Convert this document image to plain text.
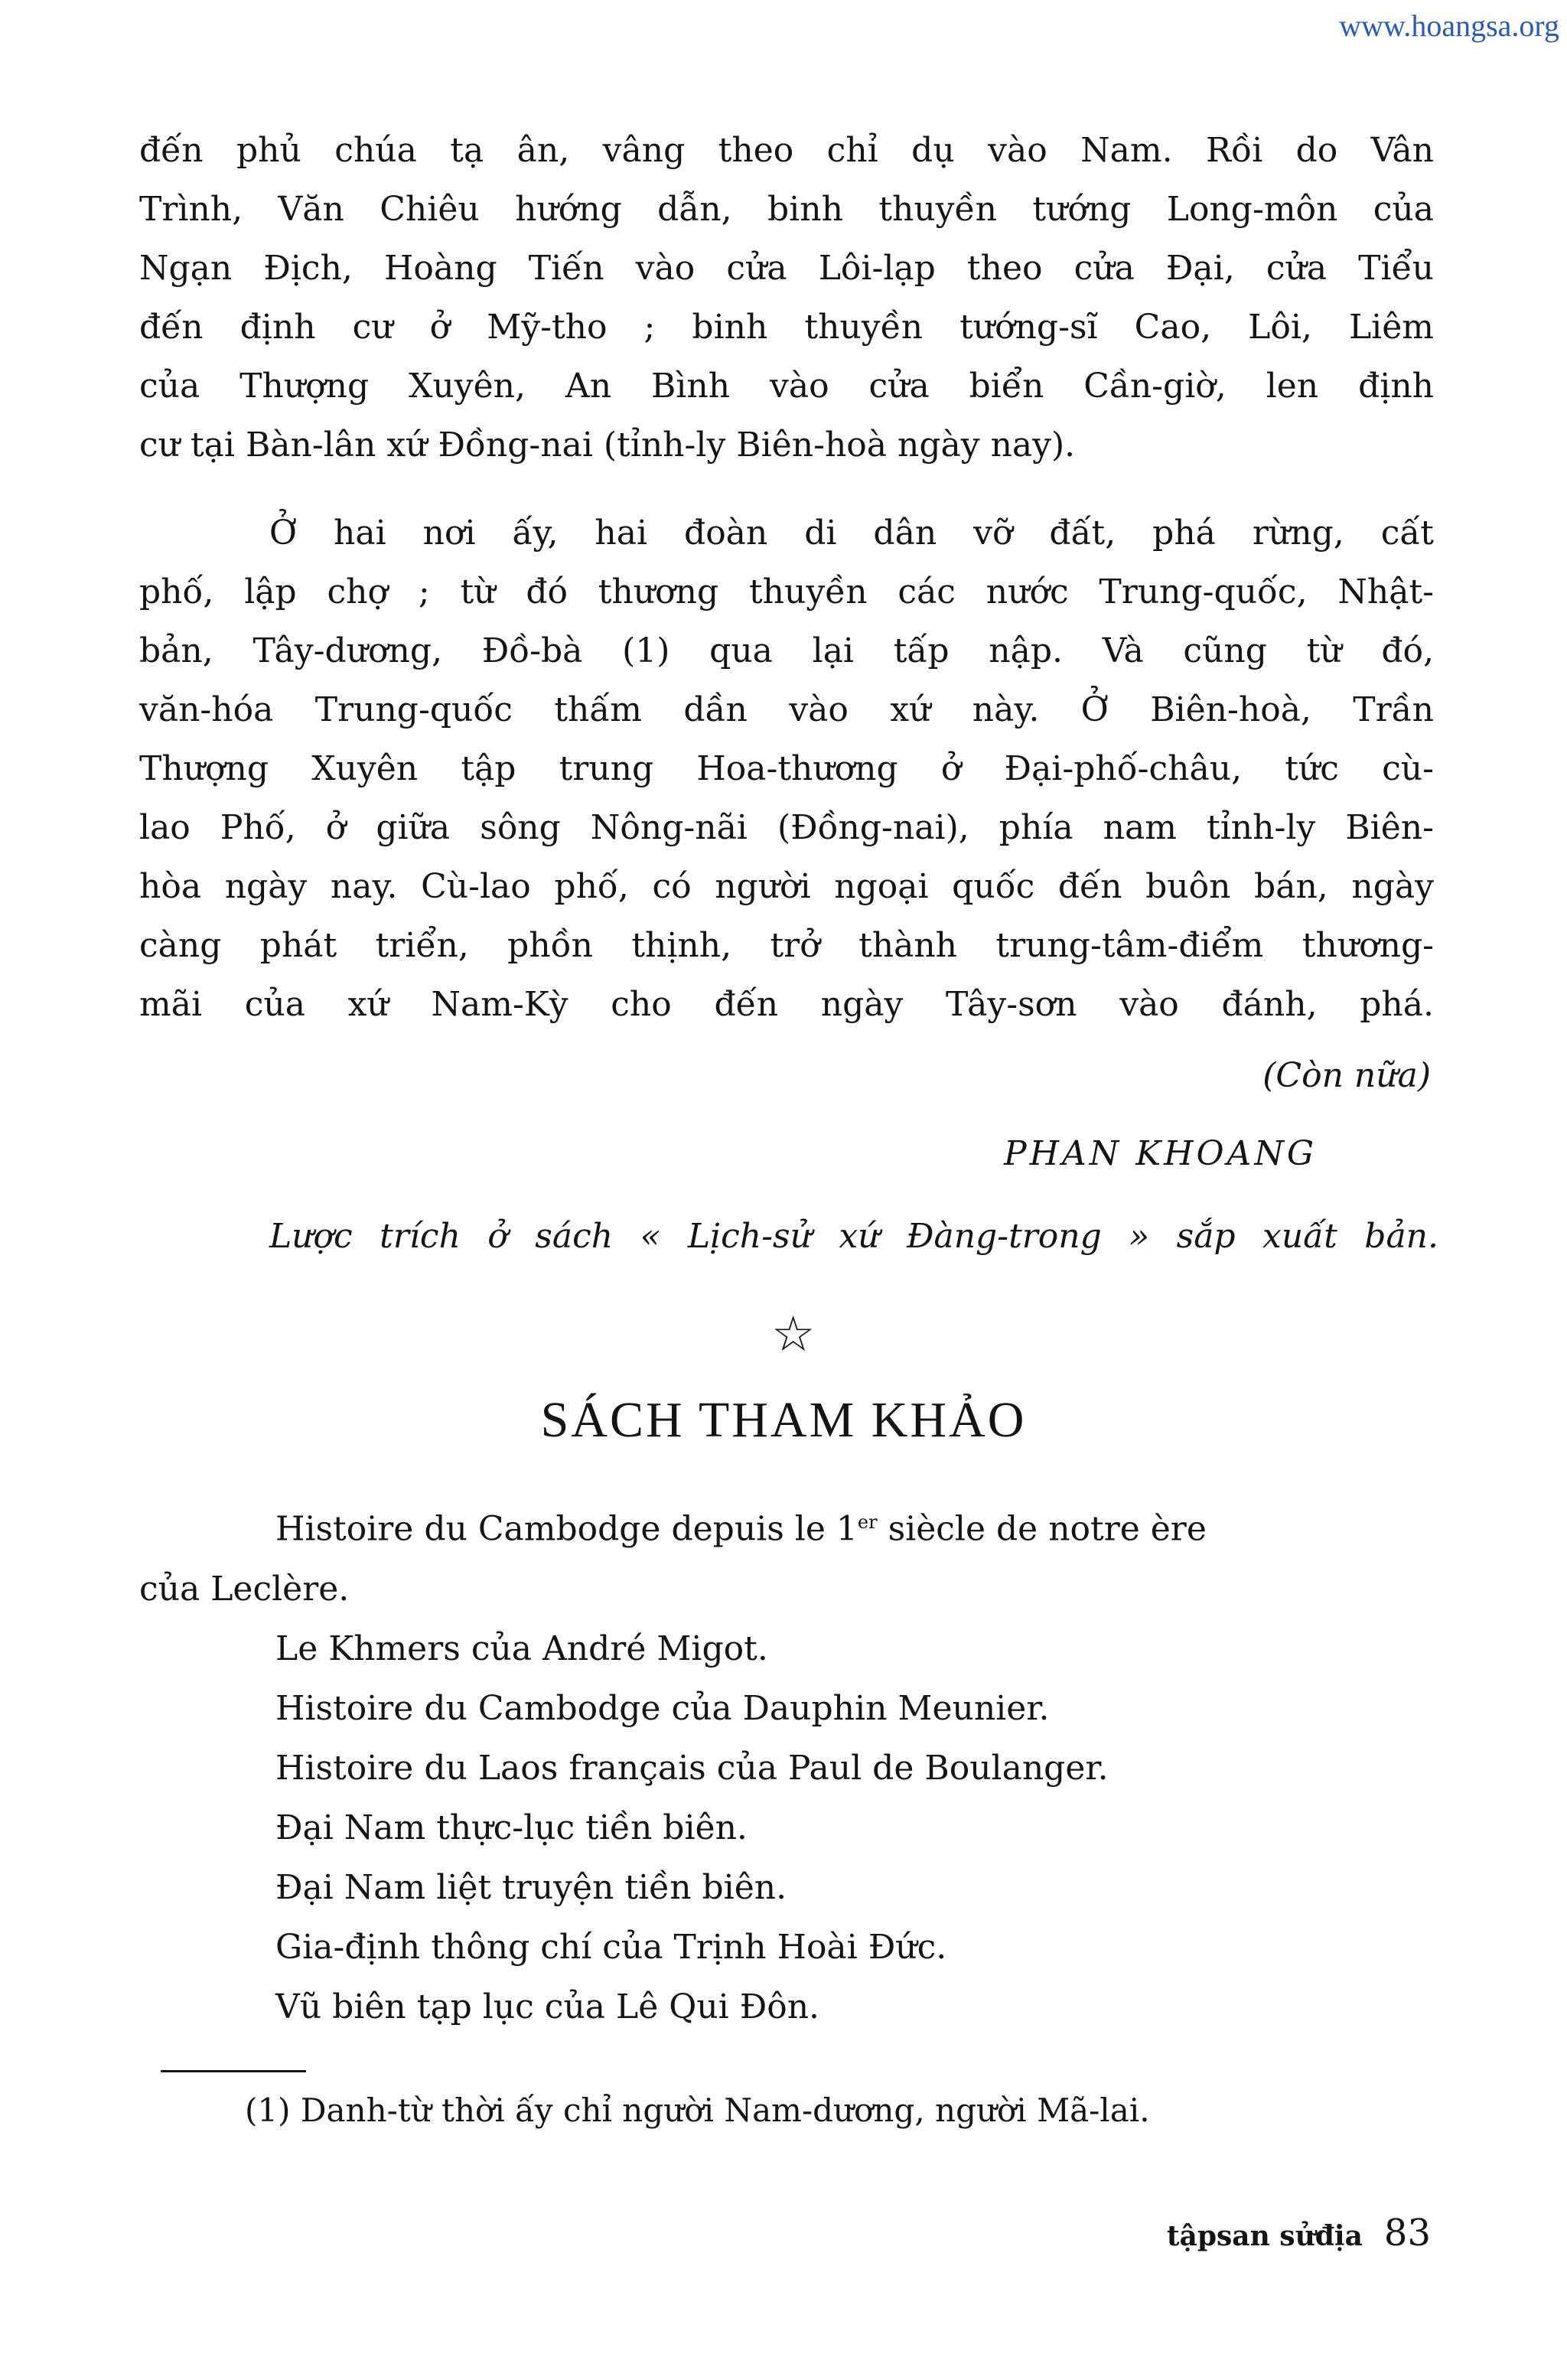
www.hoangsa.org

đến phủ chúa tạ ân, vâng theo chỉ dụ vào Nam. Rồi do Vân

Trình, Văn Chiêu hướng dẫn, binh thuyền tướng Long-môn của

Ngạn Địch, Hoàng Tiến vào cửa Lôi-lạp theo cửa Đại, cửa Tiểu

đến định cư ở Mỹ-tho ; binh thuyền tướng-sĩ Cao, Lôi, Liêm

của Thượng Xuyên, An Bình vào cửa biển Cần-giờ, len định

cư tại Bàn-lân xứ Đồng-nai (tỉnh-ly Biên-hoà ngày nay).

Ở hai nơi ấy, hai đoàn di dân vỡ đất, phá rừng, cất

phố, lập chợ ; từ đó thương thuyền các nước Trung-quốc, Nhật-

bản, Tây-dương, Đồ-bà (1) qua lại tấp nập. Và cũng từ đó,

văn-hóa Trung-quốc thấm dần vào xứ này. Ở Biên-hoà, Trần

Thượng Xuyên tập trung Hoa-thương ở Đại-phố-châu, tức cù-

lao Phố, ở giữa sông Nông-nãi (Đồng-nai), phía nam tỉnh-ly Biên-

hòa ngày nay. Cù-lao phố, có người ngoại quốc đến buôn bán, ngày

càng phát triển, phồn thịnh, trở thành trung-tâm-điểm thương-

mãi của xứ Nam-Kỳ cho đến ngày Tây-sơn vào đánh, phá.

(Còn nữa)
PHAN KHOANG
Lược trích ở sách « Lịch-sử xứ Đàng-trong » sắp xuất bản.
☆
SÁCH THAM KHẢO
Histoire du Cambodge depuis le 1er siècle de notre ère
của Leclère.
Le Khmers của André Migot.
Histoire du Cambodge của Dauphin Meunier.
Histoire du Laos français của Paul de Boulanger.
Đại Nam thực-lục tiền biên.
Đại Nam liệt truyện tiền biên.
Gia-định thông chí của Trịnh Hoài Đức.
Vũ biên tạp lục của Lê Qui Đôn.
(1) Danh-từ thời ấy chỉ người Nam-dương, người Mã-lai.
tậpsan sửđịa 83
